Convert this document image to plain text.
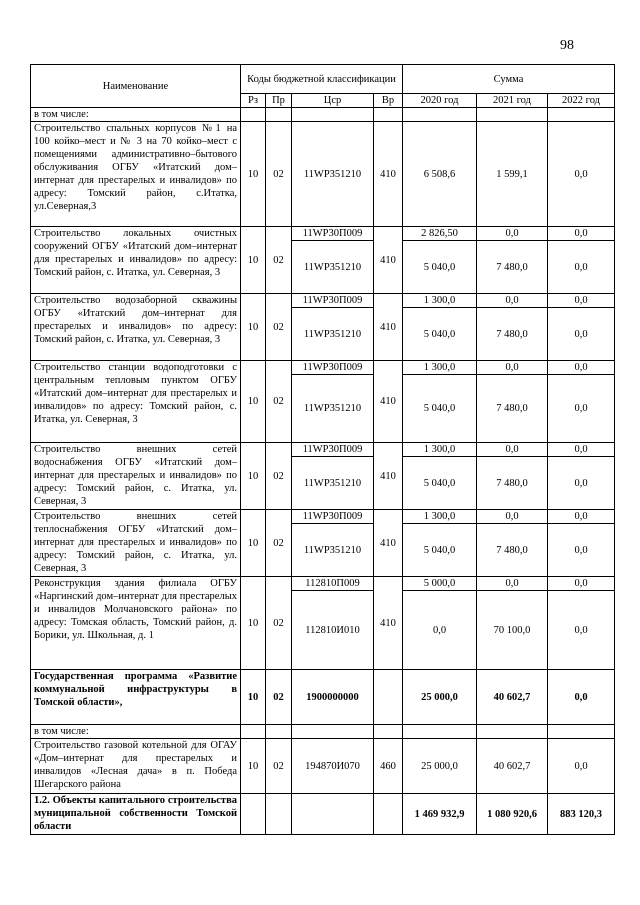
98
Наименование	Коды бюджетной классификации				Сумма		
	Рз	Пр	Цср	Вр	2020 год	2021 год	2022 год
в том числе:							
Строительство спальных корпусов №1 на 100 койко–мест и № 3 на 70 койко–мест с помещениями административно–бытового обслуживания ОГБУ «Итатский дом–интернат для престарелых и инвалидов» по адресу: Томский район, с.Итатка, ул.Северная,3	10	02	11WP351210	410	6 508,6	1 599,1	0,0
Строительство локальных очистных сооружений ОГБУ «Итатский дом–интернат для престарелых и инвалидов» по адресу: Томский район, с. Итатка, ул. Северная, 3	10	02	11WP30П009	410	2 826,50	0,0	0,0
			11WP351210		5 040,0	7 480,0	0,0
Строительство водозаборной скважины ОГБУ «Итатский дом–интернат для престарелых и инвалидов» по адресу: Томский район, с. Итатка, ул. Северная, 3	10	02	11WP30П009	410	1 300,0	0,0	0,0
			11WP351210		5 040,0	7 480,0	0,0
Строительство станции водоподготовки с центральным тепловым пунктом ОГБУ «Итатский дом–интернат для престарелых и инвалидов» по адресу: Томский район, с. Итатка, ул. Северная, 3	10	02	11WP30П009	410	1 300,0	0,0	0,0
			11WP351210		5 040,0	7 480,0	0,0
Строительство внешних сетей водоснабжения ОГБУ «Итатский дом–интернат для престарелых и инвалидов» по адресу: Томский район, с. Итатка, ул. Северная, 3	10	02	11WP30П009	410	1 300,0	0,0	0,0
			11WP351210		5 040,0	7 480,0	0,0
Строительство внешних сетей теплоснабжения ОГБУ «Итатский дом–интернат для престарелых и инвалидов» по адресу: Томский район, с. Итатка, ул. Северная, 3	10	02	11WP30П009	410	1 300,0	0,0	0,0
			11WP351210		5 040,0	7 480,0	0,0
Реконструкция здания филиала ОГБУ «Наргинский дом–интернат для престарелых и инвалидов Молчановского района» по адресу: Томская область, Томский район, д. Борики, ул. Школьная, д. 1	10	02	112810П009	410	5 000,0	0,0	0,0
			112810И010		0,0	70 100,0	0,0
Государственная программа «Развитие коммунальной инфраструктуры в Томской области»,	10	02	1900000000		25 000,0	40 602,7	0,0
в том числе:							
Строительство газовой котельной для ОГАУ «Дом–интернат для престарелых и инвалидов «Лесная дача» в п. Победа Шегарского района	10	02	194870И070	460	25 000,0	40 602,7	0,0
1.2. Объекты капитального строительства муниципальной собственности Томской области					1 469 932,9	1 080 920,6	883 120,3
